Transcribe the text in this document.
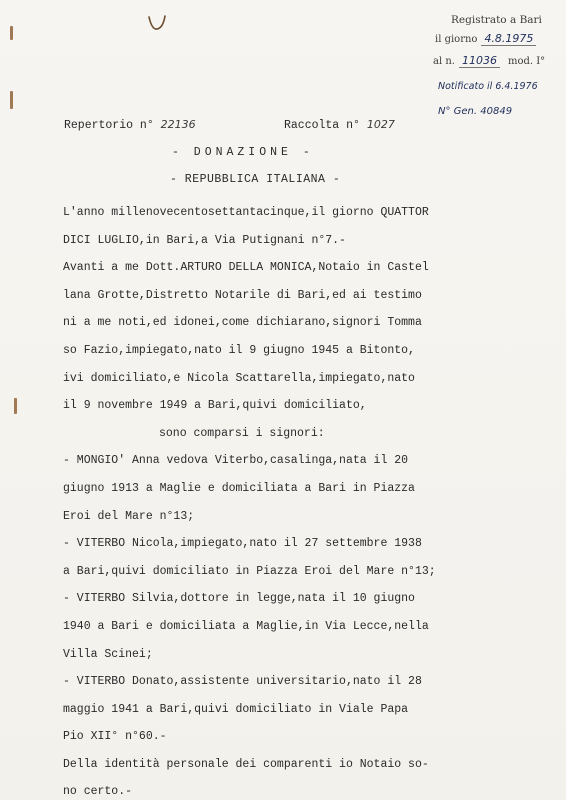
Registrato a Bari
il giorno 4.8.1975
al n. 11036 mod. I°
Notificato il 6.4.1976
N° Gen. 40849
Repertorio n° 22136	Raccolta n° 1027
- DONAZIONE -
- REPUBBLICA ITALIANA -
L'anno millenovecentosettantacinque,il giorno QUATTOR
DICI LUGLIO,in Bari,a Via Putignani n°7.-
Avanti a me Dott.ARTURO DELLA MONICA,Notaio in Castel
lana Grotte,Distretto Notarile di Bari,ed ai testimo
ni a me noti,ed idonei,come dichiarano,signori Tomma
so Fazio,impiegato,nato il 9 giugno 1945 a Bitonto,
ivi domiciliato,e Nicola Scattarella,impiegato,nato
il 9 novembre 1949 a Bari,quivi domiciliato,
sono comparsi i signori:
- MONGIO' Anna vedova Viterbo,casalinga,nata il 20
giugno 1913 a Maglie e domiciliata a Bari in Piazza
Eroi del Mare n°13;
- VITERBO Nicola,impiegato,nato il 27 settembre 1938
a Bari,quivi domiciliato in Piazza Eroi del Mare n°13;
- VITERBO Silvia,dottore in legge,nata il 10 giugno
1940 a Bari e domiciliata a Maglie,in Via Lecce,nella
Villa Scinei;
- VITERBO Donato,assistente universitario,nato il 28
maggio 1941 a Bari,quivi domiciliato in Viale Papa
Pio XII° n°60.-
Della identità personale dei comparenti io Notaio so-
no certo.-
